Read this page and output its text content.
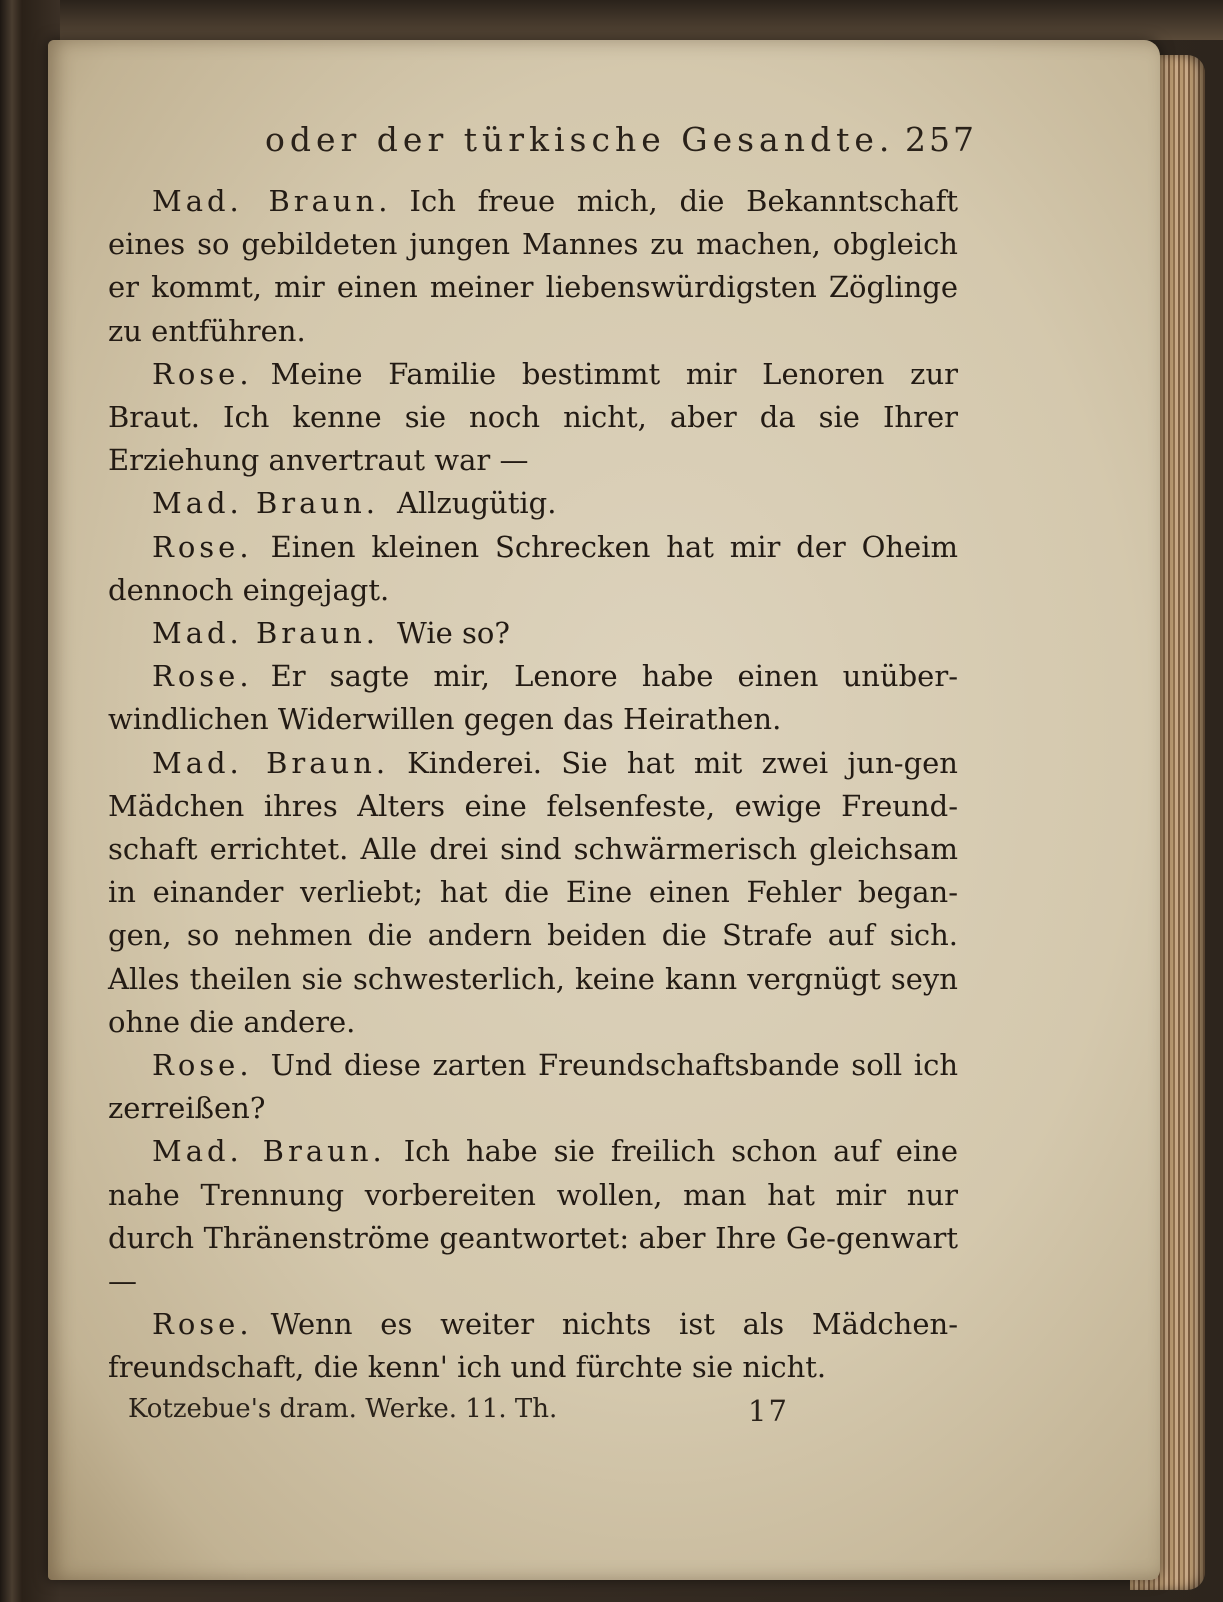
oder der türkische Gesandte. 257

Mad. Braun. Ich freue mich, die Bekanntschaft eines so gebildeten jungen Mannes zu machen, obgleich er kommt, mir einen meiner liebenswürdigsten Zöglinge zu entführen.

Rose. Meine Familie bestimmt mir Lenoren zur Braut. Ich kenne sie noch nicht, aber da sie Ihrer Erziehung anvertraut war —

Mad. Braun. Allzugütig.

Rose. Einen kleinen Schrecken hat mir der Oheim dennoch eingejagt.

Mad. Braun. Wie so?

Rose. Er sagte mir, Lenore habe einen unüber-windlichen Widerwillen gegen das Heirathen.

Mad. Braun. Kinderei. Sie hat mit zwei jun-gen Mädchen ihres Alters eine felsenfeste, ewige Freund-schaft errichtet. Alle drei sind schwärmerisch gleichsam in einander verliebt; hat die Eine einen Fehler began-gen, so nehmen die andern beiden die Strafe auf sich. Alles theilen sie schwesterlich, keine kann vergnügt seyn ohne die andere.

Rose. Und diese zarten Freundschaftsbande soll ich zerreißen?

Mad. Braun. Ich habe sie freilich schon auf eine nahe Trennung vorbereiten wollen, man hat mir nur durch Thränenströme geantwortet: aber Ihre Ge-genwart —

Rose. Wenn es weiter nichts ist als Mädchen-freundschaft, die kenn' ich und fürchte sie nicht.

Kotzebue's dram. Werke. 11. Th.	17
